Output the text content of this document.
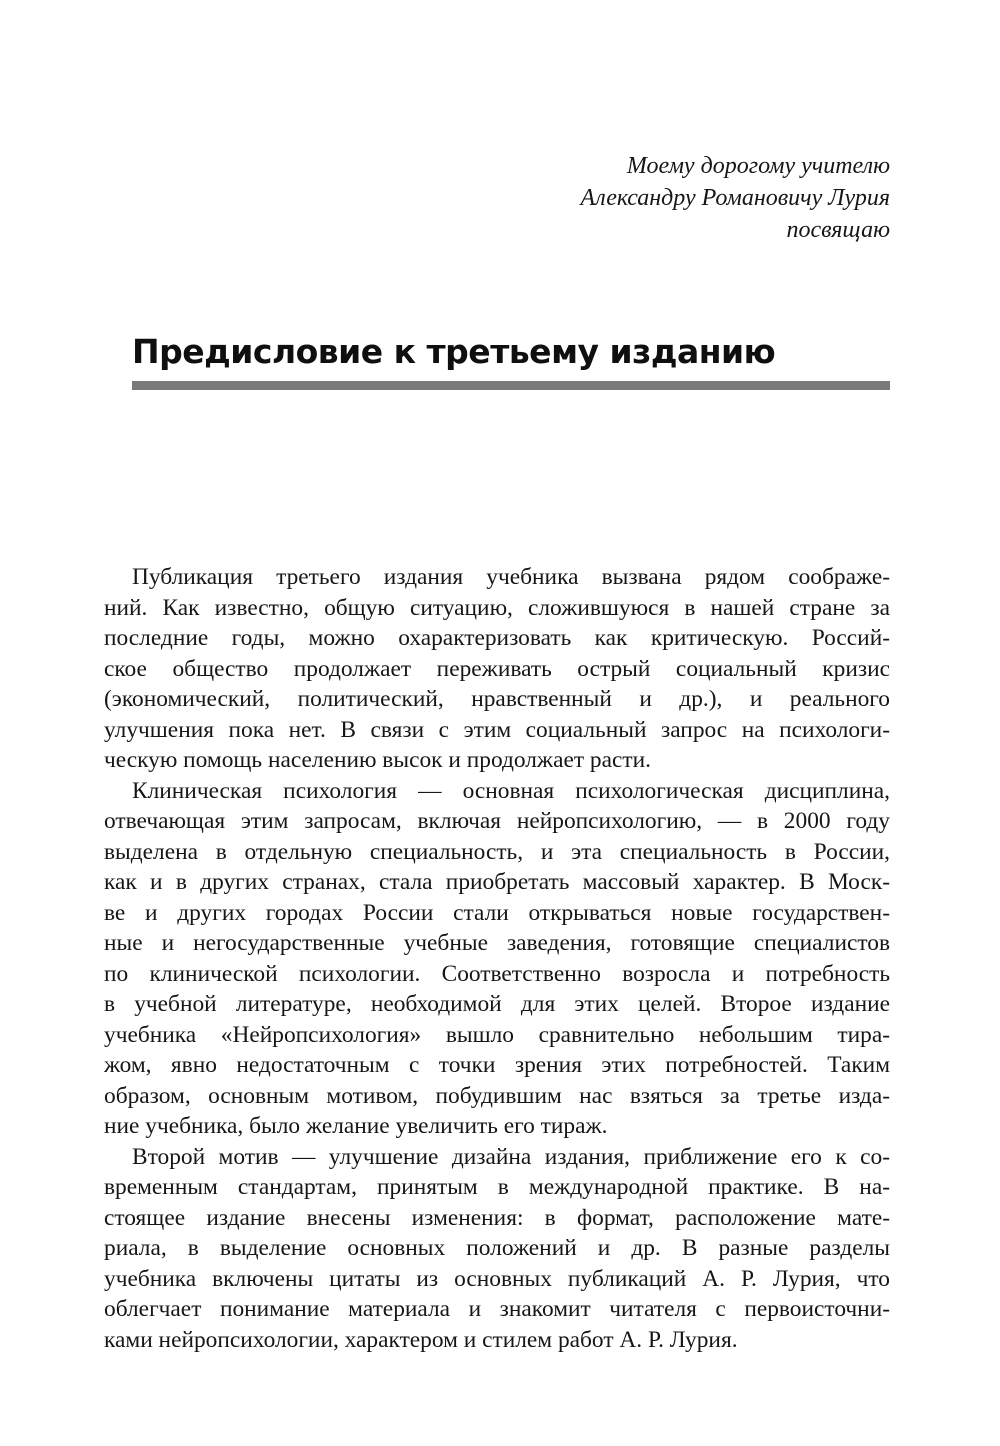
Моему дорогому учителю
Александру Романовичу Лурия
посвящаю
Предисловие к третьему изданию

Публикация третьего издания учебника вызвана рядом соображе-
ний. Как известно, общую ситуацию, сложившуюся в нашей стране за
последние годы, можно охарактеризовать как критическую. Россий-
ское общество продолжает переживать острый социальный кризис
(экономический, политический, нравственный и др.), и реального
улучшения пока нет. В связи с этим социальный запрос на психологи-
ческую помощь населению высок и продолжает расти.

Клиническая психология — основная психологическая дисциплина,
отвечающая этим запросам, включая нейропсихологию, — в 2000 году
выделена в отдельную специальность, и эта специальность в России,
как и в других странах, стала приобретать массовый характер. В Моск-
ве и других городах России стали открываться новые государствен-
ные и негосударственные учебные заведения, готовящие специалистов
по клинической психологии. Соответственно возросла и потребность
в учебной литературе, необходимой для этих целей. Второе издание
учебника «Нейропсихология» вышло сравнительно небольшим тира-
жом, явно недостаточным с точки зрения этих потребностей. Таким
образом, основным мотивом, побудившим нас взяться за третье изда-
ние учебника, было желание увеличить его тираж.

Второй мотив — улучшение дизайна издания, приближение его к со-
временным стандартам, принятым в международной практике. В на-
стоящее издание внесены изменения: в формат, расположение мате-
риала, в выделение основных положений и др. В разные разделы
учебника включены цитаты из основных публикаций А. Р. Лурия, что
облегчает понимание материала и знакомит читателя с первоисточни-
ками нейропсихологии, характером и стилем работ А. Р. Лурия.
